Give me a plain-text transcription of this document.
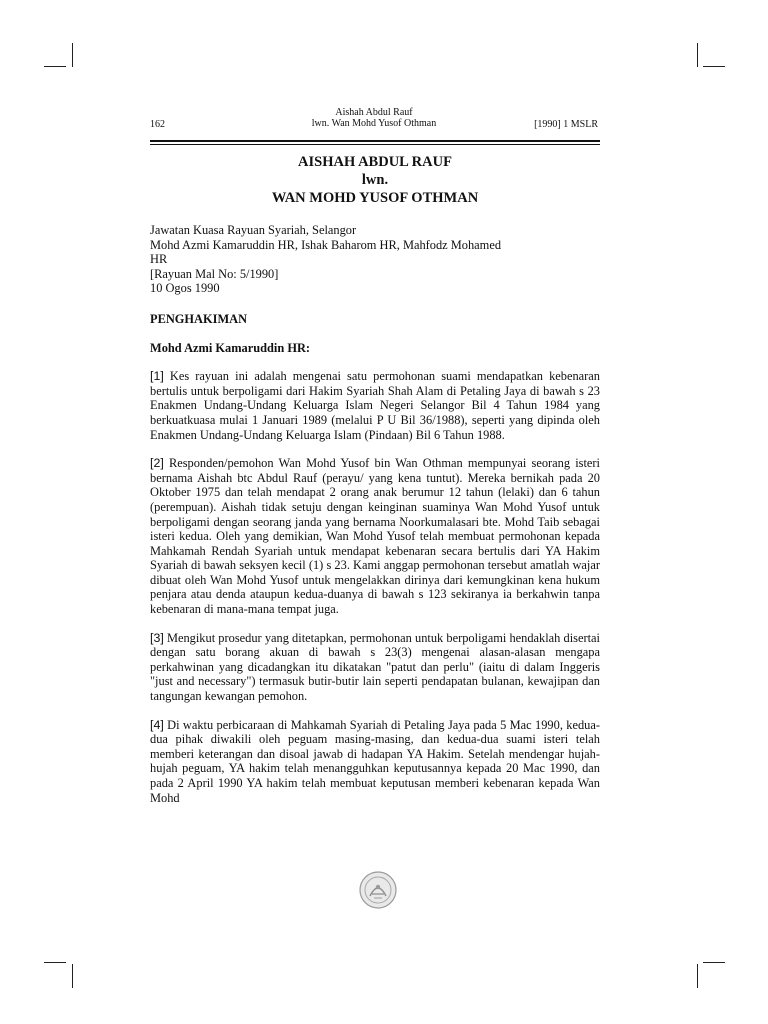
162
Aishah Abdul Rauf
lwn. Wan Mohd Yusof Othman	[1990] 1 MSLR
AISHAH ABDUL RAUF
lwn.
WAN MOHD YUSOF OTHMAN
Jawatan Kuasa Rayuan Syariah, Selangor
Mohd Azmi Kamaruddin HR, Ishak Baharom HR, Mahfodz Mohamed
HR
[Rayuan Mal No: 5/1990]
10 Ogos 1990
PENGHAKIMAN
Mohd Azmi Kamaruddin HR:

[1] Kes rayuan ini adalah mengenai satu permohonan suami mendapatkan kebenaran bertulis untuk berpoligami dari Hakim Syariah Shah Alam di Petaling Jaya di bawah s 23 Enakmen Undang-Undang Keluarga Islam Negeri Selangor Bil 4 Tahun 1984 yang berkuatkuasa mulai 1 Januari 1989 (melalui P U Bil 36/1988), seperti yang dipinda oleh Enakmen Undang-Undang Keluarga Islam (Pindaan) Bil 6 Tahun 1988.

[2] Responden/pemohon Wan Mohd Yusof bin Wan Othman mempunyai seorang isteri bernama Aishah btc Abdul Rauf (perayu/ yang kena tuntut). Mereka bernikah pada 20 Oktober 1975 dan telah mendapat 2 orang anak berumur 12 tahun (lelaki) dan 6 tahun (perempuan). Aishah tidak setuju dengan keinginan suaminya Wan Mohd Yusof untuk berpoligami dengan seorang janda yang bernama Noorkumalasari bte. Mohd Taib sebagai isteri kedua. Oleh yang demikian, Wan Mohd Yusof telah membuat permohonan kepada Mahkamah Rendah Syariah untuk mendapat kebenaran secara bertulis dari YA Hakim Syariah di bawah seksyen kecil (1) s 23. Kami anggap permohonan tersebut amatlah wajar dibuat oleh Wan Mohd Yusof untuk mengelakkan dirinya dari kemungkinan kena hukum penjara atau denda ataupun kedua-duanya di bawah s 123 sekiranya ia berkahwin tanpa kebenaran di mana-mana tempat juga.

[3] Mengikut prosedur yang ditetapkan, permohonan untuk berpoligami hendaklah disertai dengan satu borang akuan di bawah s 23(3) mengenai alasan-alasan mengapa perkahwinan yang dicadangkan itu dikatakan "patut dan perlu" (iaitu di dalam Inggeris "just and necessary") termasuk butir-butir lain seperti pendapatan bulanan, kewajipan dan tangungan kewangan pemohon.

[4] Di waktu perbicaraan di Mahkamah Syariah di Petaling Jaya pada 5 Mac 1990, kedua-dua pihak diwakili oleh peguam masing-masing, dan kedua-dua suami isteri telah memberi keterangan dan disoal jawab di hadapan YA Hakim. Setelah mendengar hujah-hujah peguam, YA hakim telah menangguhkan keputusannya kepada 20 Mac 1990, dan pada 2 April 1990 YA hakim telah membuat keputusan memberi kebenaran kepada Wan Mohd
